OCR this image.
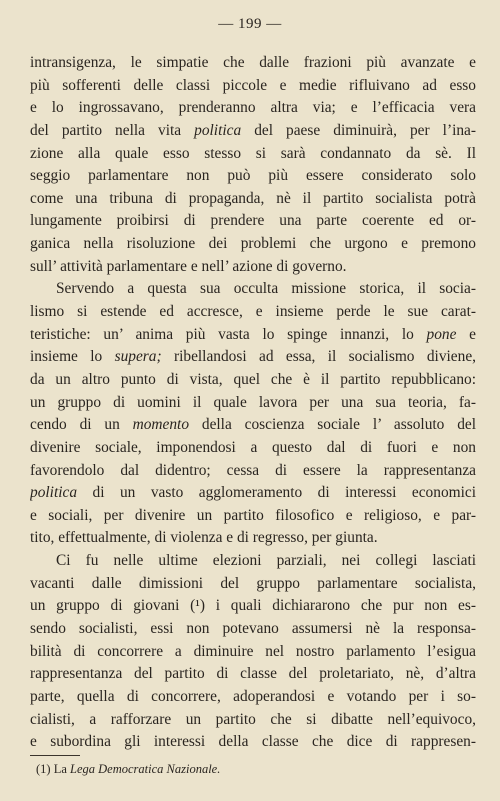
— 199 —
intransigenza, le simpatie che dalle frazioni più avanzate e
più sofferenti delle classi piccole e medie rifluivano ad esso
e lo ingrossavano, prenderanno altra via; e l’efficacia vera
del partito nella vita politica del paese diminuirà, per l’ina-
zione alla quale esso stesso si sarà condannato da sè. Il
seggio parlamentare non può più essere considerato solo
come una tribuna di propaganda, nè il partito socialista potrà
lungamente proibirsi di prendere una parte coerente ed or-
ganica nella risoluzione dei problemi che urgono e premono
sull’ attività parlamentare e nell’ azione di governo.
Servendo a questa sua occulta missione storica, il socia-
lismo si estende ed accresce, e insieme perde le sue carat-
teristiche: un’ anima più vasta lo spinge innanzi, lo pone e
insieme lo supera; ribellandosi ad essa, il socialismo diviene,
da un altro punto di vista, quel che è il partito repubblicano:
un gruppo di uomini il quale lavora per una sua teoria, fa-
cendo di un momento della coscienza sociale l’ assoluto del
divenire sociale, imponendosi a questo dal di fuori e non
favorendolo dal didentro; cessa di essere la rappresentanza
politica di un vasto agglomeramento di interessi economici
e sociali, per divenire un partito filosofico e religioso, e par-
tito, effettualmente, di violenza e di regresso, per giunta.
Ci fu nelle ultime elezioni parziali, nei collegi lasciati
vacanti dalle dimissioni del gruppo parlamentare socialista,
un gruppo di giovani (¹) i quali dichiararono che pur non es-
sendo socialisti, essi non potevano assumersi nè la responsa-
bilità di concorrere a diminuire nel nostro parlamento l’esigua
rappresentanza del partito di classe del proletariato, nè, d’altra
parte, quella di concorrere, adoperandosi e votando per i so-
cialisti, a rafforzare un partito che si dibatte nell’equivoco,
e subordina gli interessi della classe che dice di rappresen-
(1) La Lega Democratica Nazionale.
